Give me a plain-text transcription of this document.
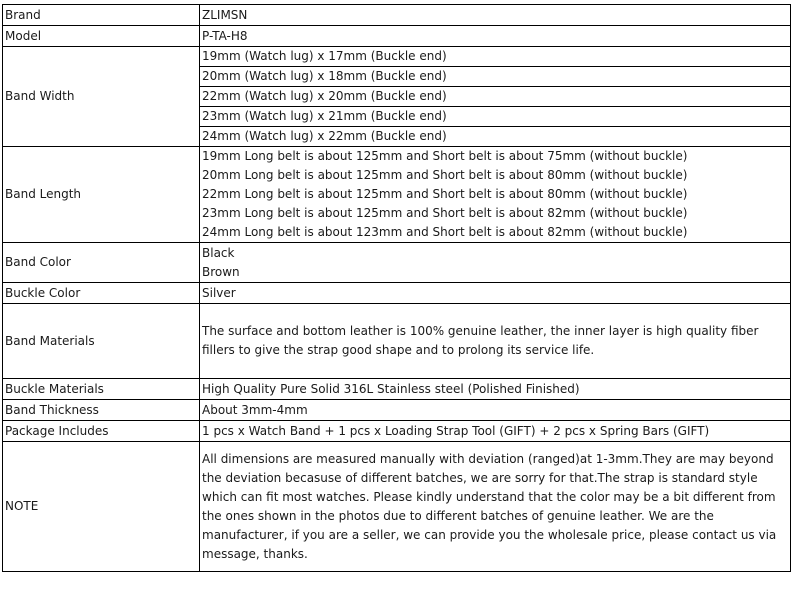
Brand	ZLIMSN
Model	P-TA-H8
Band Width	19mm (Watch lug) x 17mm (Buckle end)
	20mm (Watch lug) x 18mm (Buckle end)
	22mm (Watch lug) x 20mm (Buckle end)
	23mm (Watch lug) x 21mm (Buckle end)
	24mm (Watch lug) x 22mm (Buckle end)
Band Length	19mm Long belt is about 125mm and Short belt is about 75mm (without buckle)
20mm Long belt is about 125mm and Short belt is about 80mm (without buckle)
22mm Long belt is about 125mm and Short belt is about 80mm (without buckle)
23mm Long belt is about 125mm and Short belt is about 82mm (without buckle)
24mm Long belt is about 123mm and Short belt is about 82mm (without buckle)

Band Color	Black
Brown

Buckle Color	Silver
Band Materials	The surface and bottom leather is 100% genuine leather, the inner layer is high quality fiber fillers to give the strap good shape and to prolong its service life.
Buckle Materials	High Quality Pure Solid 316L Stainless steel (Polished Finished)
Band Thickness	About 3mm-4mm
Package Includes	1 pcs x Watch Band + 1 pcs x Loading Strap Tool (GIFT) + 2 pcs x Spring Bars (GIFT)
NOTE	All dimensions are measured manually with deviation (ranged)at 1-3mm.They are may beyond the deviation becasuse of different batches, we are sorry for that.The strap is standard style which can fit most watches. Please kindly understand that the color may be a bit different from the ones shown in the photos due to different batches of genuine leather. We are the manufacturer, if you are a seller, we can provide you the wholesale price, please contact us via message, thanks.
